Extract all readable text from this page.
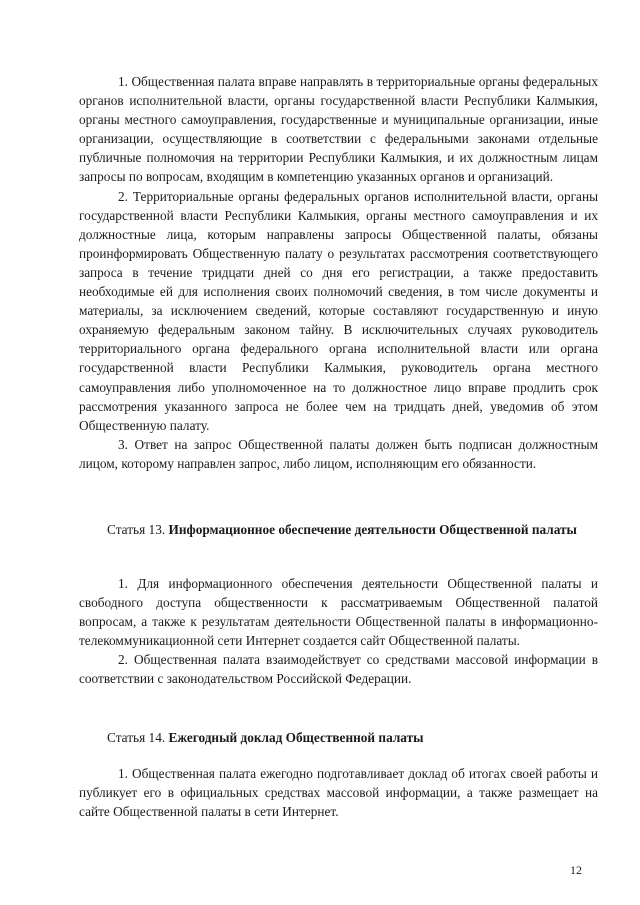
1. Общественная палата вправе направлять в территориальные органы федеральных органов исполнительной власти, органы государственной власти Республики Калмыкия, органы местного самоуправления, государственные и муниципальные организации, иные организации, осуществляющие в соответствии с федеральными законами отдельные публичные полномочия на территории Республики Калмыкия, и их должностным лицам запросы по вопросам, входящим в компетенцию указанных органов и организаций.

2. Территориальные органы федеральных органов исполнительной власти, органы государственной власти Республики Калмыкия, органы местного самоуправления и их должностные лица, которым направлены запросы Общественной палаты, обязаны проинформировать Общественную палату о результатах рассмотрения соответствующего запроса в течение тридцати дней со дня его регистрации, а также предоставить необходимые ей для исполнения своих полномочий сведения, в том числе документы и материалы, за исключением сведений, которые составляют государственную и иную охраняемую федеральным законом тайну. В исключительных случаях руководитель территориального органа федерального органа исполнительной власти или органа государственной власти Республики Калмыкия, руководитель органа местного самоуправления либо уполномоченное на то должностное лицо вправе продлить срок рассмотрения указанного запроса не более чем на тридцать дней, уведомив об этом Общественную палату.

3. Ответ на запрос Общественной палаты должен быть подписан должностным лицом, которому направлен запрос, либо лицом, исполняющим его обязанности.

Статья 13. Информационное обеспечение деятельности Общественной палаты

1. Для информационного обеспечения деятельности Общественной палаты и свободного доступа общественности к рассматриваемым Общественной палатой вопросам, а также к результатам деятельности Общественной палаты в информационно-телекоммуникационной сети Интернет создается сайт Общественной палаты.

2. Общественная палата взаимодействует со средствами массовой информации в соответствии с законодательством Российской Федерации.

Статья 14. Ежегодный доклад Общественной палаты

1. Общественная палата ежегодно подготавливает доклад об итогах своей работы и публикует его в официальных средствах массовой информации, а также размещает на сайте Общественной палаты в сети Интернет.

12
